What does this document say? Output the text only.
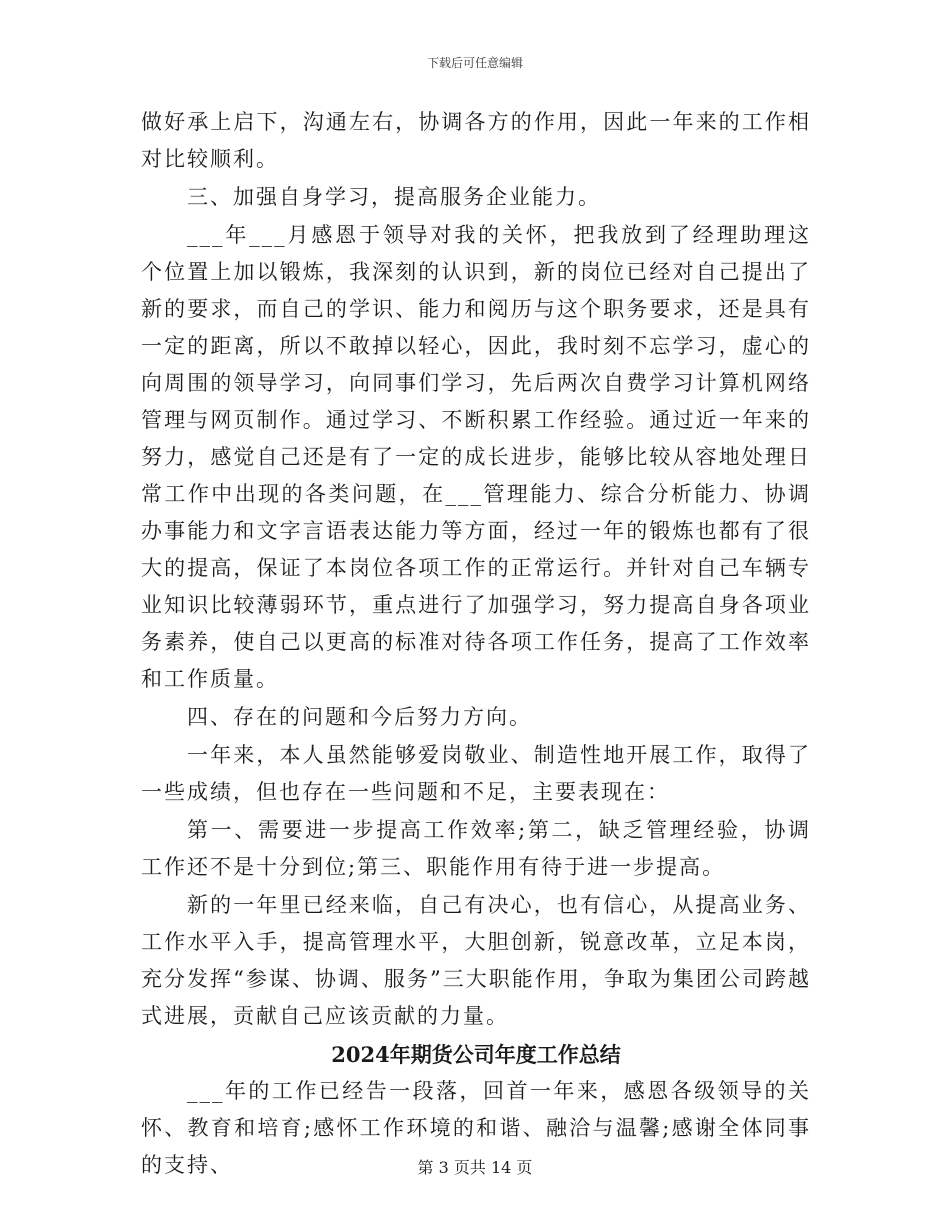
下载后可任意编辑

做好承上启下，沟通左右，协调各方的作用，因此一年来的工作相对比较顺利。

三、加强自身学习，提高服务企业能力。

___年___月感恩于领导对我的关怀，把我放到了经理助理这个位置上加以锻炼，我深刻的认识到，新的岗位已经对自己提出了新的要求，而自己的学识、能力和阅历与这个职务要求，还是具有一定的距离，所以不敢掉以轻心，因此，我时刻不忘学习，虚心的向周围的领导学习，向同事们学习，先后两次自费学习计算机网络管理与网页制作。通过学习、不断积累工作经验。通过近一年来的努力，感觉自己还是有了一定的成长进步，能够比较从容地处理日常工作中出现的各类问题，在___管理能力、综合分析能力、协调办事能力和文字言语表达能力等方面，经过一年的锻炼也都有了很大的提高，保证了本岗位各项工作的正常运行。并针对自己车辆专业知识比较薄弱环节，重点进行了加强学习，努力提高自身各项业务素养，使自己以更高的标准对待各项工作任务，提高了工作效率和工作质量。

四、存在的问题和今后努力方向。

一年来，本人虽然能够爱岗敬业、制造性地开展工作，取得了一些成绩，但也存在一些问题和不足，主要表现在：

第一、需要进一步提高工作效率;第二，缺乏管理经验，协调工作还不是十分到位;第三、职能作用有待于进一步提高。

新的一年里已经来临，自己有决心，也有信心，从提高业务、工作水平入手，提高管理水平，大胆创新，锐意改革，立足本岗，充分发挥“参谋、协调、服务”三大职能作用，争取为集团公司跨越式进展，贡献自己应该贡献的力量。

2024年期货公司年度工作总结

___年的工作已经告一段落，回首一年来，感恩各级领导的关怀、教育和培育;感怀工作环境的和谐、融洽与温馨;感谢全体同事的支持、	第 3 页共 14 页
